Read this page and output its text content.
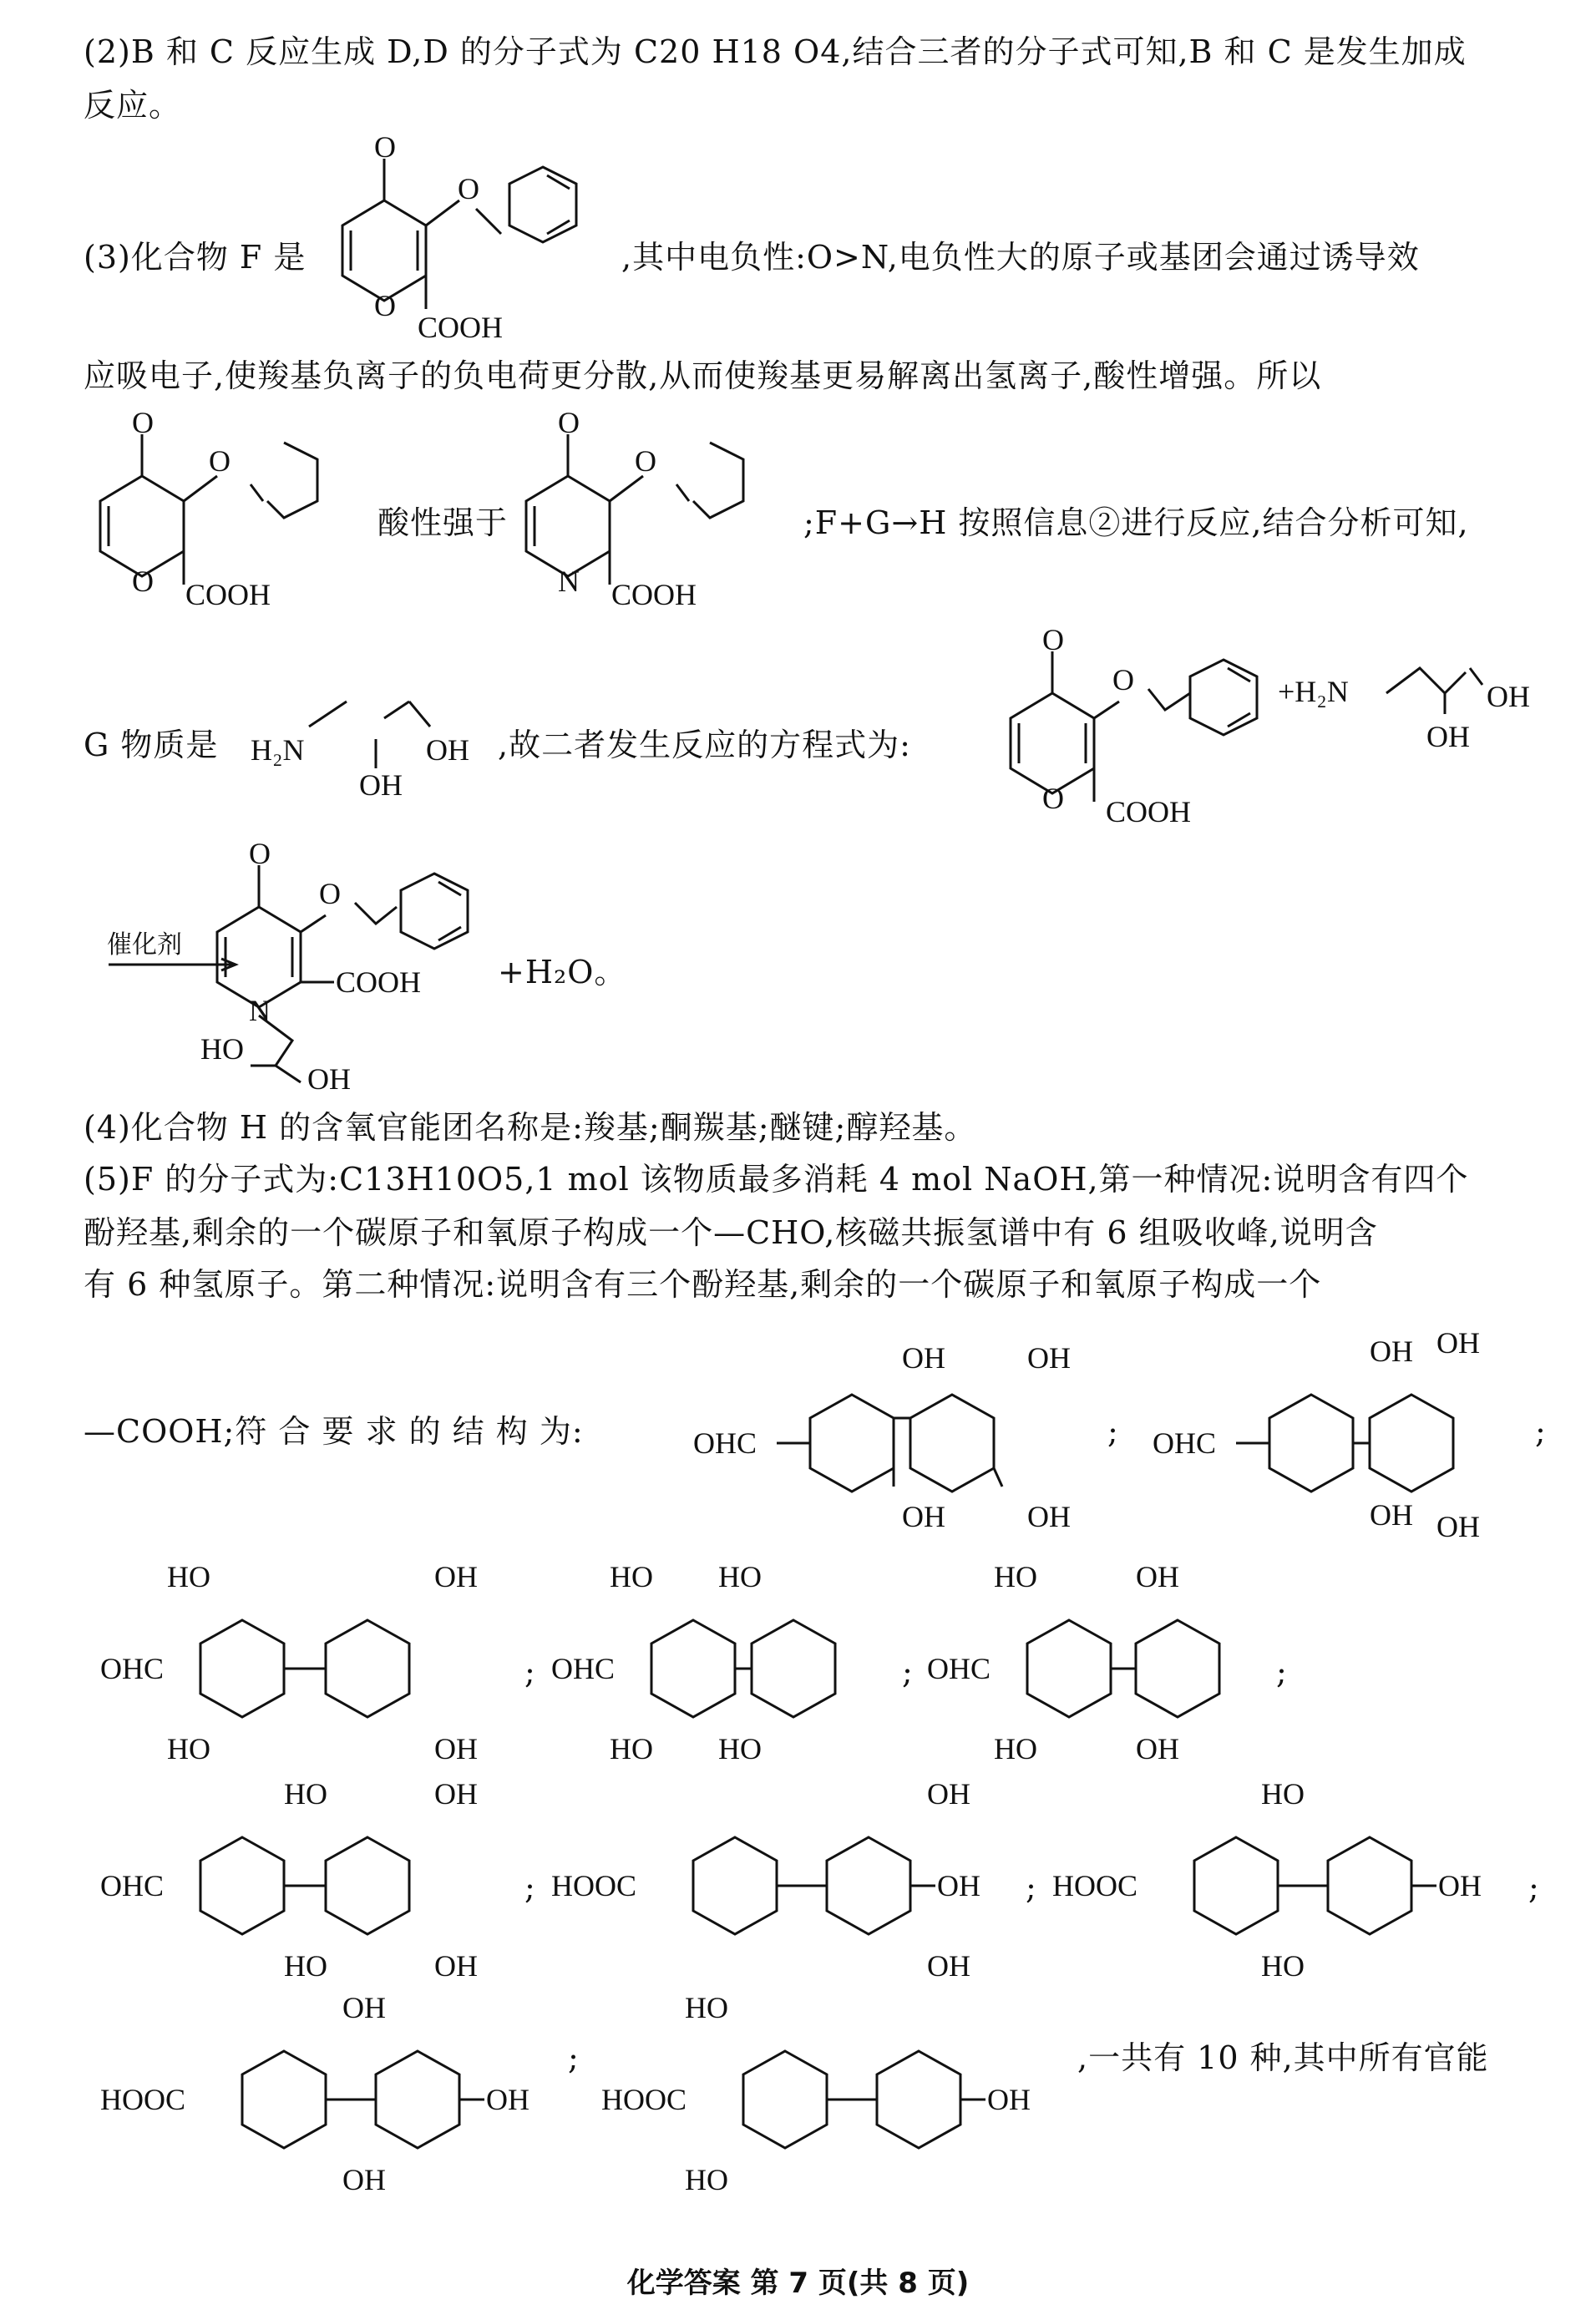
(2)B 和 C 反应生成 D,D 的分子式为 C20 H18 O4,结合三者的分子式可知,B 和 C 是发生加成
反应。
(3)化合物 F 是	,其中电负性:O>N,电负性大的原子或基团会通过诱导效
应吸电子,使羧基负离子的负电荷更分散,从而使羧基更易解离出氢离子,酸性增强。所以
酸性强于	;F+G→H 按照信息②进行反应,结合分析可知,
G 物质是	,故二者发生反应的方程式为:
+H₂O。
催化剂
(4)化合物 H 的含氧官能团名称是:羧基;酮羰基;醚键;醇羟基。
(5)F 的分子式为:C13H10O5,1 mol 该物质最多消耗 4 mol NaOH,第一种情况:说明含有四个
酚羟基,剩余的一个碳原子和氧原子构成一个—CHO,核磁共振氢谱中有 6 组吸收峰,说明含
有 6 种氢原子。第二种情况:说明含有三个酚羟基,剩余的一个碳原子和氧原子构成一个
—COOH;符 合 要 求 的 结 构 为:
,一共有 10 种,其中所有官能
化学答案 第 7 页(共 8 页)
O
O
O
COOH
O
O
O COOH
O
O
N COOH
H₂N	OH
OH
O
O
O COOH
+H₂N	OH
OH
O
O
N
COOH
HO
OH
OHC
OH	OH
OH	OH
; OHC
OH OH
OH OH
;
OHC
HO
HO
OH
OH
; OHC
HO
HO
HO
HO
; OHC
HO
HO
OH
OH
;
OHC
HO	OH
HO	OH
; HOOC
OH
OH
OH
; HOOC
HO
OH
HO
;
HOOC
OH
OH
OH
;
HOOC
HO
OH
HO
